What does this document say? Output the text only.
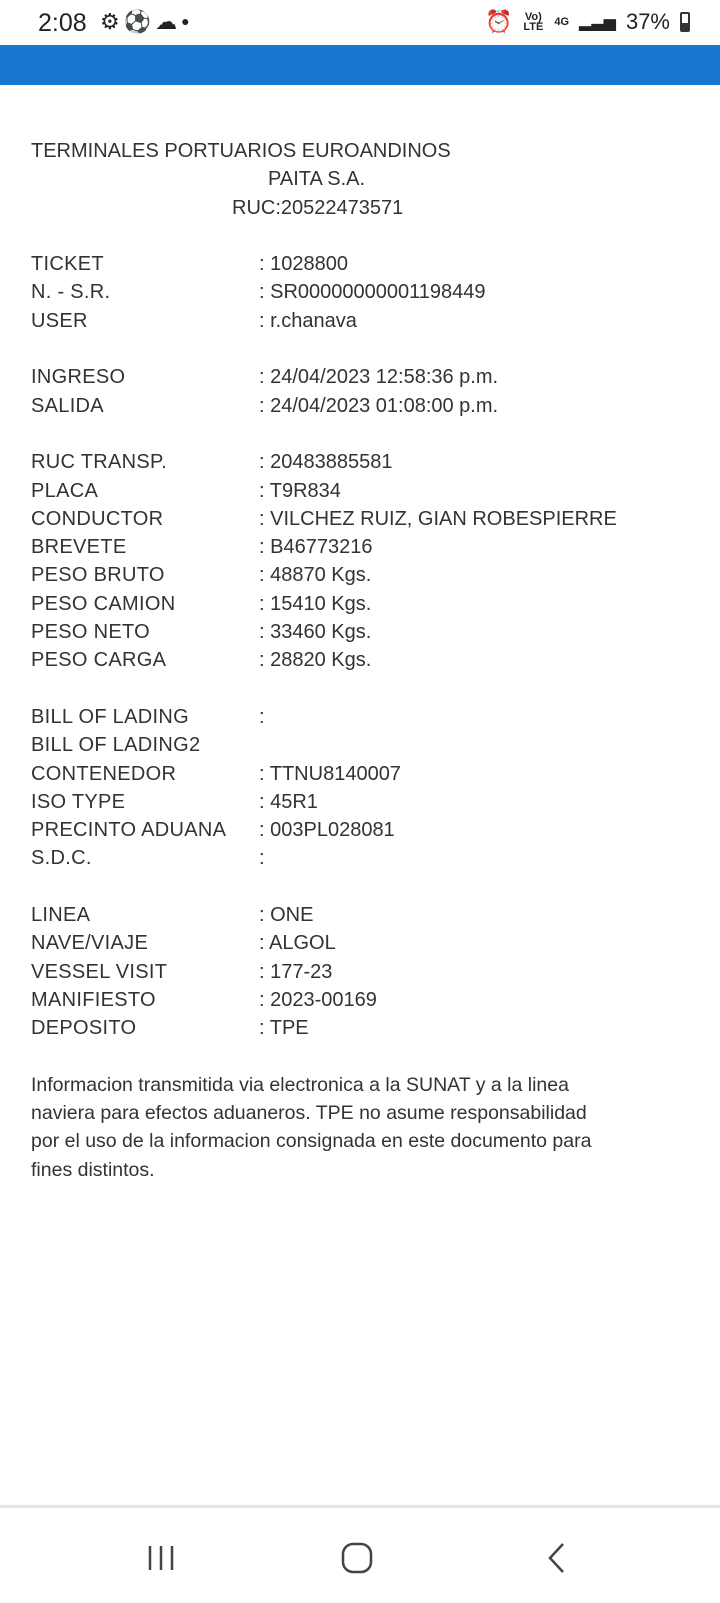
2:08 ⚙⚽☁●	⏰ Vo) LTE 4G ▂▃▅ 37%
TERMINALES PORTUARIOS EUROANDINOS
PAITA S.A.
RUC:20522473571
TICKET	: 1028800
N. - S.R.	: SR00000000001198449
USER	: r.chanava
INGRESO	: 24/04/2023 12:58:36 p.m.
SALIDA	: 24/04/2023 01:08:00 p.m.
RUC TRANSP.	: 20483885581
PLACA	: T9R834
CONDUCTOR	: VILCHEZ RUIZ, GIAN ROBESPIERRE
BREVETE	: B46773216
PESO BRUTO	: 48870 Kgs.
PESO CAMION	: 15410 Kgs.
PESO NETO	: 33460 Kgs.
PESO CARGA	: 28820 Kgs.
BILL OF LADING	:
BILL OF LADING2
CONTENEDOR	: TTNU8140007
ISO TYPE	: 45R1
PRECINTO ADUANA	: 003PL028081
S.D.C.	:
LINEA	: ONE
NAVE/VIAJE	: ALGOL
VESSEL VISIT	: 177-23
MANIFIESTO	: 2023-00169
DEPOSITO	: TPE
Informacion transmitida via electronica a la SUNAT y a la linea naviera para efectos aduaneros. TPE no asume responsabilidad por el uso de la informacion consignada en este documento para fines distintos.
